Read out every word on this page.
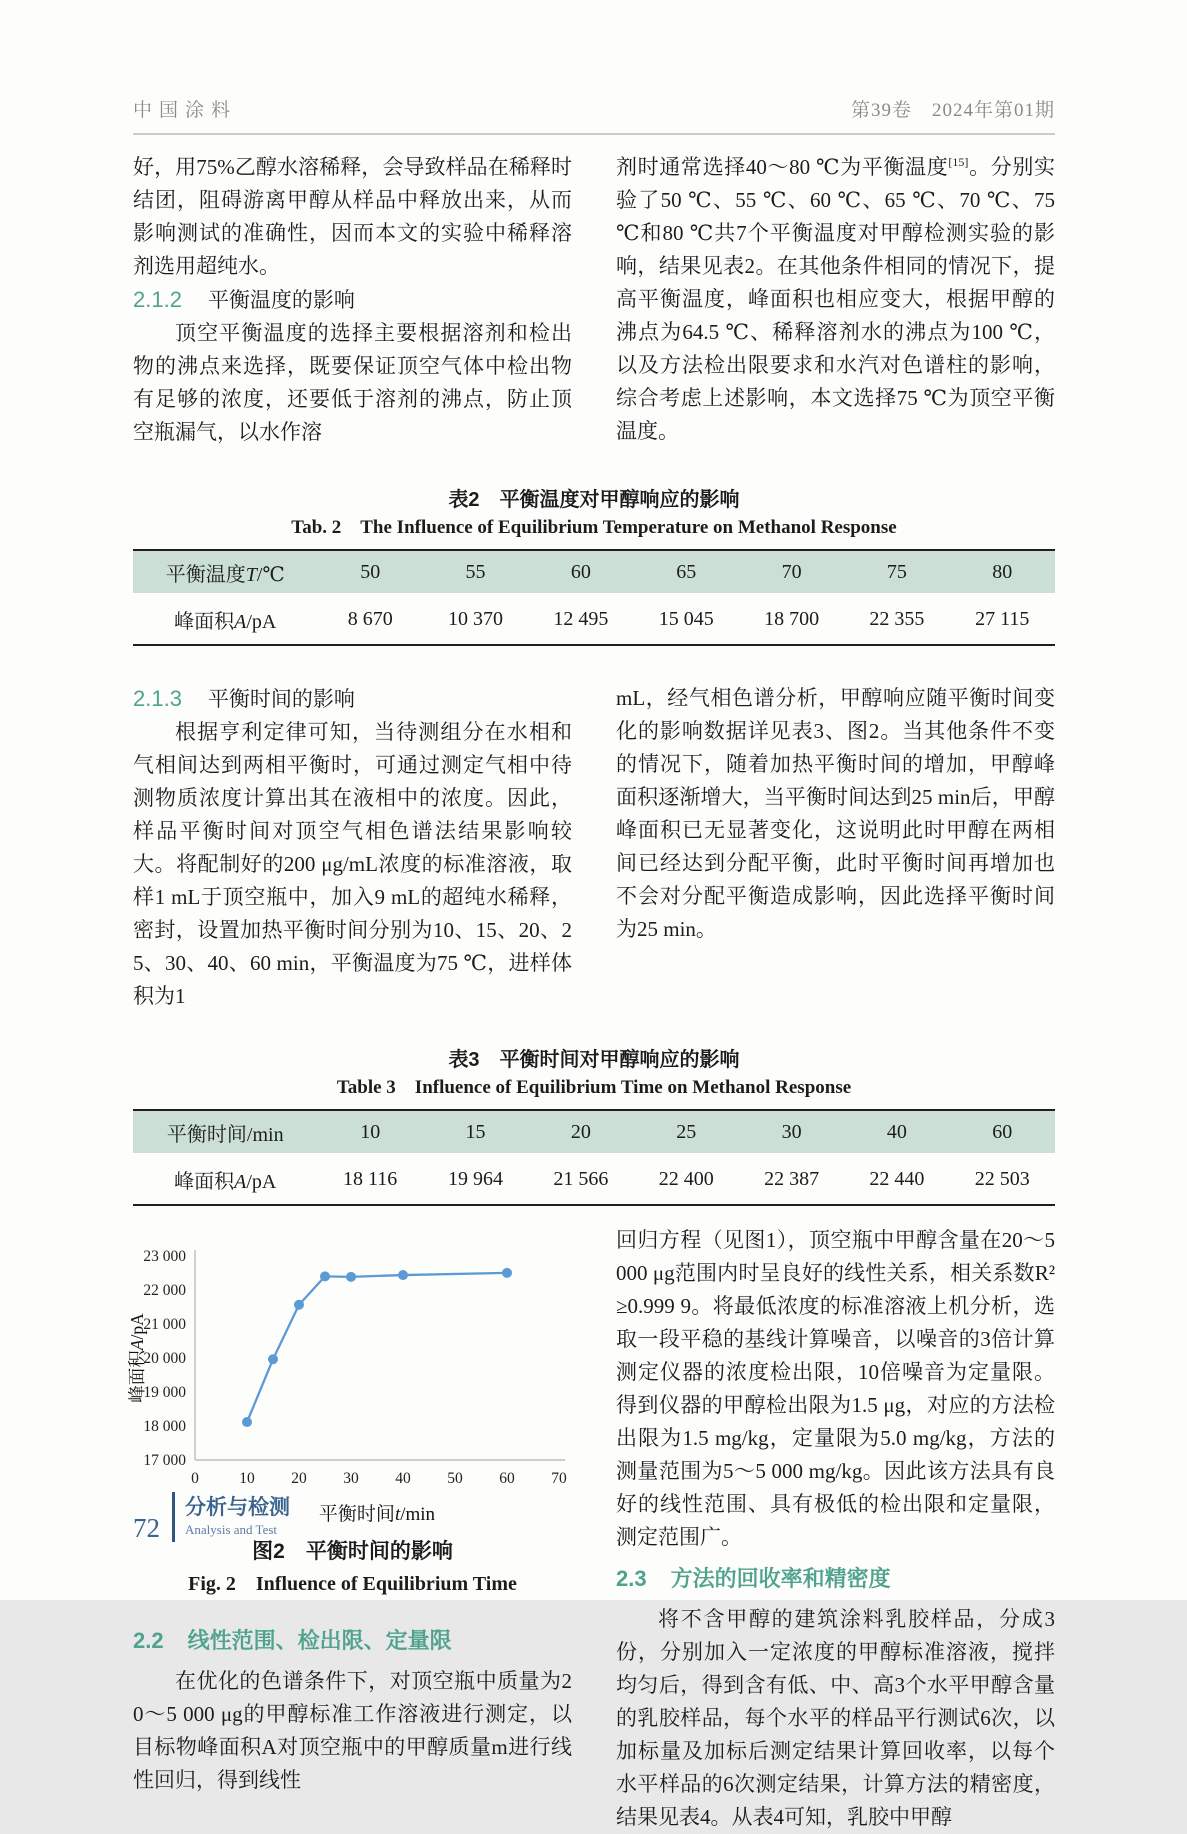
中国涂料	第39卷　2024年第01期

好，用75%乙醇水溶稀释，会导致样品在稀释时结团，阻碍游离甲醇从样品中释放出来，从而影响测试的准确性，因而本文的实验中稀释溶剂选用超纯水。

2.1.2 平衡温度的影响

顶空平衡温度的选择主要根据溶剂和检出物的沸点来选择，既要保证顶空气体中检出物有足够的浓度，还要低于溶剂的沸点，防止顶空瓶漏气，以水作溶

剂时通常选择40～80 ℃为平衡温度[15]。分别实验了50 ℃、55 ℃、60 ℃、65 ℃、70 ℃、75 ℃和80 ℃共7个平衡温度对甲醇检测实验的影响，结果见表2。在其他条件相同的情况下，提高平衡温度，峰面积也相应变大，根据甲醇的沸点为64.5 ℃、稀释溶剂水的沸点为100 ℃，以及方法检出限要求和水汽对色谱柱的影响，综合考虑上述影响，本文选择75 ℃为顶空平衡温度。

表2　平衡温度对甲醇响应的影响
Tab. 2　The Influence of Equilibrium Temperature on Methanol Response
平衡温度T/℃	50	55	60	65	70	75	80
峰面积A/pA	8 670	10 370	12 495	15 045	18 700	22 355	27 115
2.1.3 平衡时间的影响

根据亨利定律可知，当待测组分在水相和气相间达到两相平衡时，可通过测定气相中待测物质浓度计算出其在液相中的浓度。因此，样品平衡时间对顶空气相色谱法结果影响较大。将配制好的200 μg/mL浓度的标准溶液，取样1 mL于顶空瓶中，加入9 mL的超纯水稀释，密封，设置加热平衡时间分别为10、15、20、25、30、40、60 min，平衡温度为75 ℃，进样体积为1

mL，经气相色谱分析，甲醇响应随平衡时间变化的影响数据详见表3、图2。当其他条件不变的情况下，随着加热平衡时间的增加，甲醇峰面积逐渐增大，当平衡时间达到25 min后，甲醇峰面积已无显著变化，这说明此时甲醇在两相间已经达到分配平衡，此时平衡时间再增加也不会对分配平衡造成影响，因此选择平衡时间为25 min。

表3　平衡时间对甲醇响应的影响
Table 3　Influence of Equilibrium Time on Methanol Response
平衡时间/min	10	15	20	25	30	40	60
峰面积A/pA	18 116	19 964	21 566	22 400	22 387	22 440	22 503
17 000
18 000
19 000
20 000
21 000
22 000
23 000
0	10 20 30 40 50 60 70
平衡时间t/min
峰面积A/pA
图2　平衡时间的影响
Fig. 2　Influence of Equilibrium Time
2.2 线性范围、检出限、定量限

在优化的色谱条件下，对顶空瓶中质量为20～5 000 μg的甲醇标准工作溶液进行测定，以目标物峰面积A对顶空瓶中的甲醇质量m进行线性回归，得到线性

回归方程（见图1），顶空瓶中甲醇含量在20～5 000 μg范围内时呈良好的线性关系，相关系数R²≥0.999 9。将最低浓度的标准溶液上机分析，选取一段平稳的基线计算噪音，以噪音的3倍计算测定仪器的浓度检出限，10倍噪音为定量限。得到仪器的甲醇检出限为1.5 μg，对应的方法检出限为1.5 mg/kg，定量限为5.0 mg/kg，方法的测量范围为5～5 000 mg/kg。因此该方法具有良好的线性范围、具有极低的检出限和定量限，测定范围广。

2.3 方法的回收率和精密度

将不含甲醇的建筑涂料乳胶样品，分成3份，分别加入一定浓度的甲醇标准溶液，搅拌均匀后，得到含有低、中、高3个水平甲醇含量的乳胶样品，每个水平的样品平行测试6次，以加标量及加标后测定结果计算回收率，以每个水平样品的6次测定结果，计算方法的精密度，结果见表4。从表4可知，乳胶中甲醇

72
分析与检测
Analysis and Test
